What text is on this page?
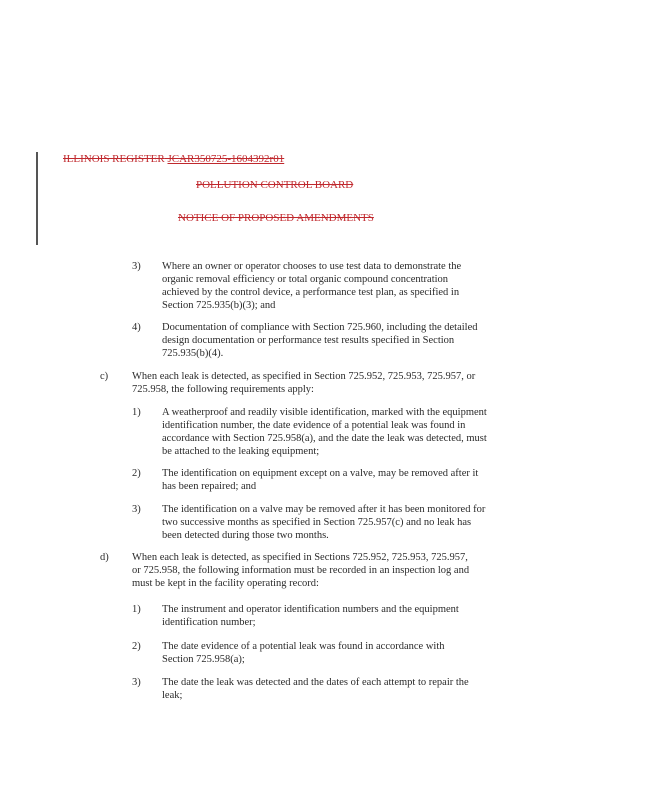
ILLINOIS REGISTER JCAR350725-1604392r01
POLLUTION CONTROL BOARD
NOTICE OF PROPOSED AMENDMENTS
3) Where an owner or operator chooses to use test data to demonstrate the organic removal efficiency or total organic compound concentration achieved by the control device, a performance test plan, as specified in Section 725.935(b)(3); and
4) Documentation of compliance with Section 725.960, including the detailed design documentation or performance test results specified in Section 725.935(b)(4).
c) When each leak is detected, as specified in Section 725.952, 725.953, 725.957, or 725.958, the following requirements apply:
1) A weatherproof and readily visible identification, marked with the equipment identification number, the date evidence of a potential leak was found in accordance with Section 725.958(a), and the date the leak was detected, must be attached to the leaking equipment;
2) The identification on equipment except on a valve, may be removed after it has been repaired; and
3) The identification on a valve may be removed after it has been monitored for two successive months as specified in Section 725.957(c) and no leak has been detected during those two months.
d) When each leak is detected, as specified in Sections 725.952, 725.953, 725.957, or 725.958, the following information must be recorded in an inspection log and must be kept in the facility operating record:
1) The instrument and operator identification numbers and the equipment identification number;
2) The date evidence of a potential leak was found in accordance with Section 725.958(a);
3) The date the leak was detected and the dates of each attempt to repair the leak;
